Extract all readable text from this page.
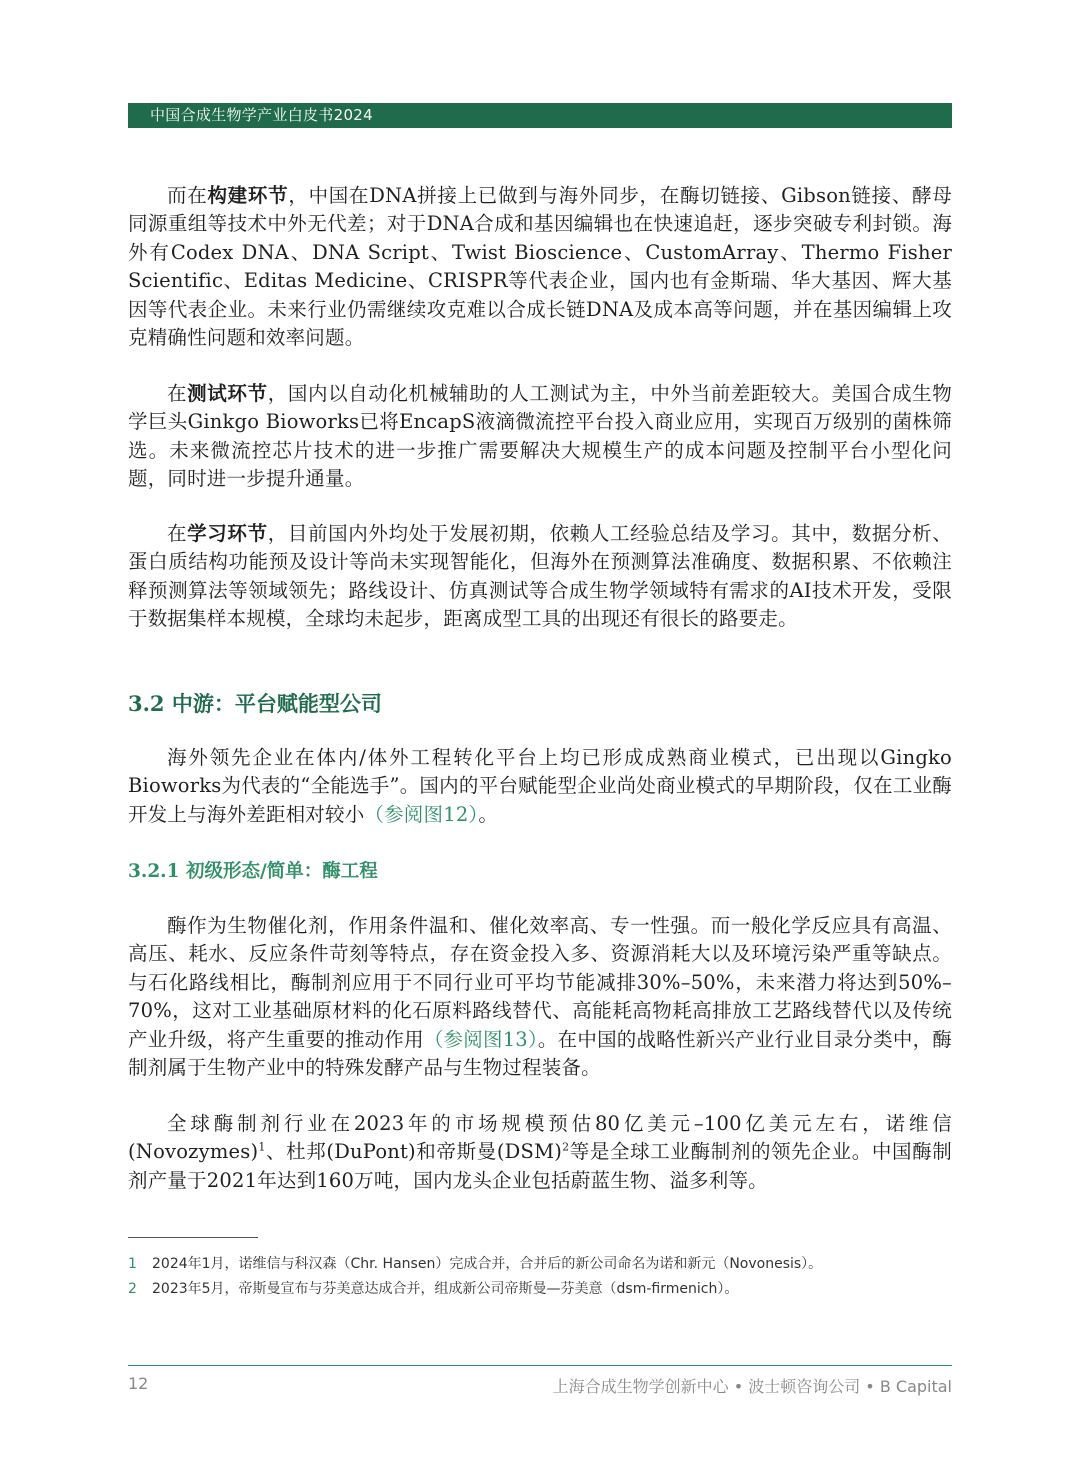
中国合成生物学产业白皮书2024

而在构建环节，中国在DNA拼接上已做到与海外同步，在酶切链接、Gibson链接、酵母同源重组等技术中外无代差；对于DNA合成和基因编辑也在快速追赶，逐步突破专利封锁。海外有Codex DNA、DNA Script、Twist Bioscience、CustomArray、Thermo Fisher Scientific、Editas Medicine、CRISPR等代表企业，国内也有金斯瑞、华大基因、辉大基因等代表企业。未来行业仍需继续攻克难以合成长链DNA及成本高等问题，并在基因编辑上攻克精确性问题和效率问题。

在测试环节，国内以自动化机械辅助的人工测试为主，中外当前差距较大。美国合成生物学巨头Ginkgo Bioworks已将EncapS液滴微流控平台投入商业应用，实现百万级别的菌株筛选。未来微流控芯片技术的进一步推广需要解决大规模生产的成本问题及控制平台小型化问题，同时进一步提升通量。

在学习环节，目前国内外均处于发展初期，依赖人工经验总结及学习。其中，数据分析、蛋白质结构功能预及设计等尚未实现智能化，但海外在预测算法准确度、数据积累、不依赖注释预测算法等领域领先；路线设计、仿真测试等合成生物学领域特有需求的AI技术开发，受限于数据集样本规模，全球均未起步，距离成型工具的出现还有很长的路要走。

3.2 中游：平台赋能型公司

海外领先企业在体内/体外工程转化平台上均已形成成熟商业模式，已出现以Gingko Bioworks为代表的“全能选手”。国内的平台赋能型企业尚处商业模式的早期阶段，仅在工业酶开发上与海外差距相对较小（参阅图12）。

3.2.1 初级形态/简单：酶工程

酶作为生物催化剂，作用条件温和、催化效率高、专一性强。而一般化学反应具有高温、高压、耗水、反应条件苛刻等特点，存在资金投入多、资源消耗大以及环境污染严重等缺点。与石化路线相比，酶制剂应用于不同行业可平均节能减排30%–50%，未来潜力将达到50%–70%，这对工业基础原材料的化石原料路线替代、高能耗高物耗高排放工艺路线替代以及传统产业升级，将产生重要的推动作用（参阅图13）。在中国的战略性新兴产业行业目录分类中，酶制剂属于生物产业中的特殊发酵产品与生物过程装备。

全球酶制剂行业在2023年的市场规模预估80亿美元–100亿美元左右，诺维信(Novozymes)$^1$、杜邦(DuPont)和帝斯曼(DSM)$^2$等是全球工业酶制剂的领先企业。中国酶制剂产量于2021年达到160万吨，国内龙头企业包括蔚蓝生物、溢多利等。

1 2024年1月，诺维信与科汉森（Chr. Hansen）完成合并，合并后的新公司命名为诺和新元（Novonesis）。
2 2023年5月，帝斯曼宣布与芬美意达成合并，组成新公司帝斯曼—芬美意（dsm-firmenich）。
12	上海合成生物学创新中心 • 波士顿咨询公司 • B Capital
